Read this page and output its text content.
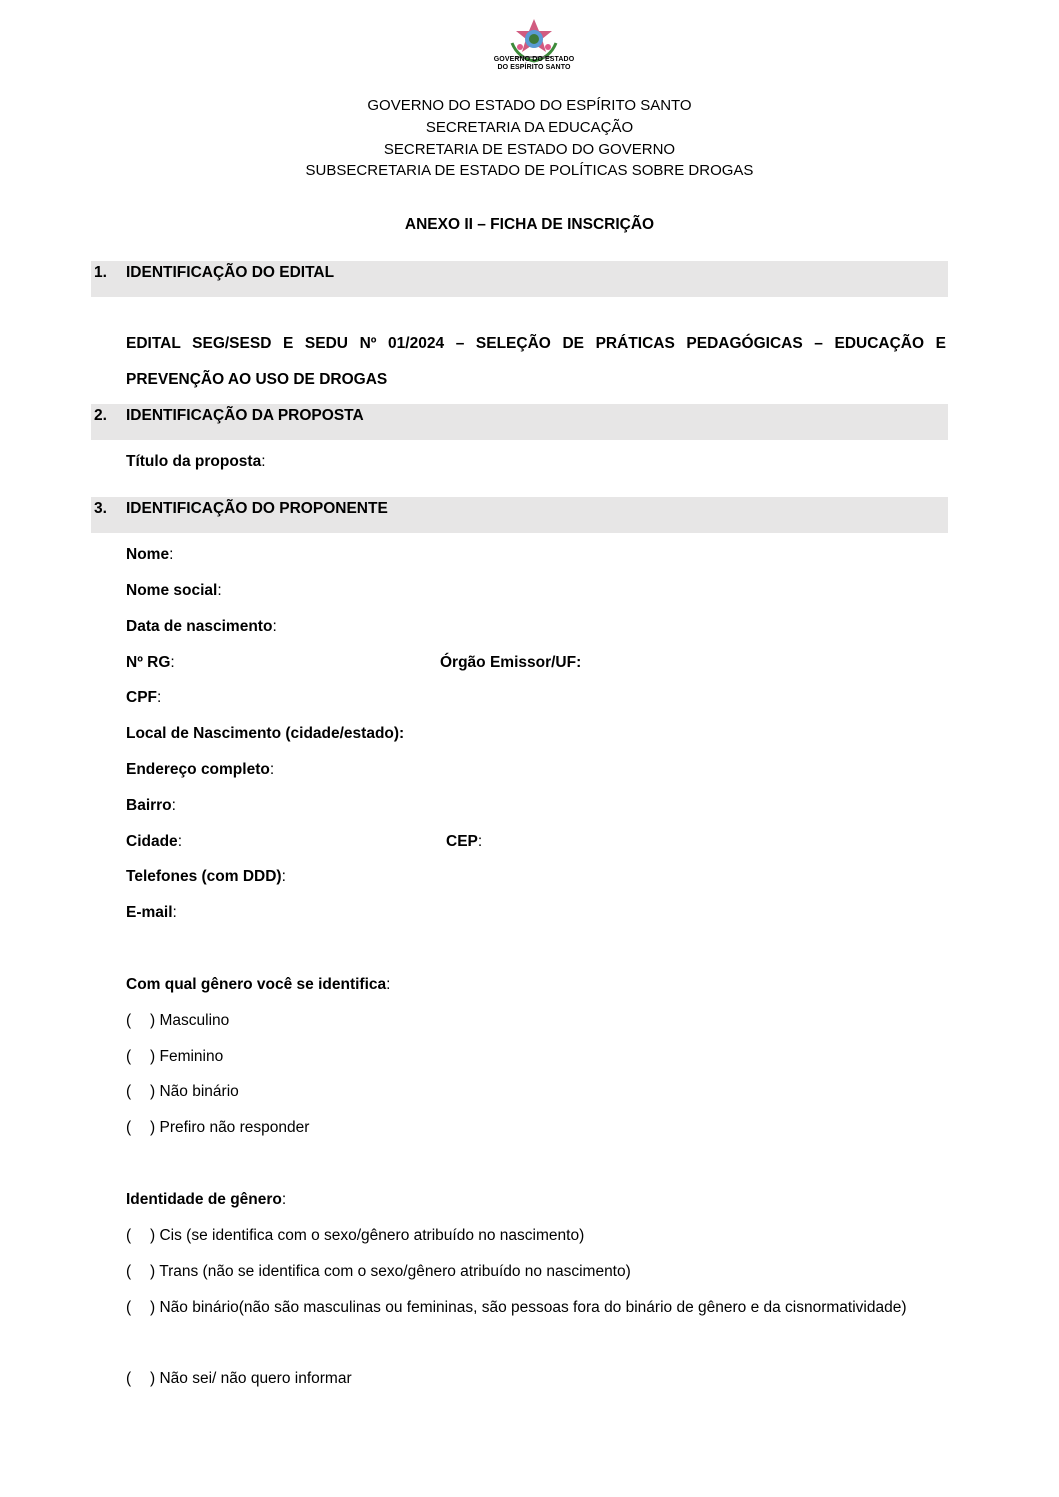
GOVERNO DO ESTADO
DO ESPÍRITO SANTO
GOVERNO DO ESTADO DO ESPÍRITO SANTO
SECRETARIA DA EDUCAÇÃO
SECRETARIA DE ESTADO DO GOVERNO
SUBSECRETARIA DE ESTADO DE POLÍTICAS SOBRE DROGAS
ANEXO II – FICHA DE INSCRIÇÃO
1. IDENTIFICAÇÃO DO EDITAL
EDITAL SEG/SESD E SEDU Nº 01/2024 – SELEÇÃO DE PRÁTICAS PEDAGÓGICAS – EDUCAÇÃO E
PREVENÇÃO AO USO DE DROGAS
2. IDENTIFICAÇÃO DA PROPOSTA
Título da proposta:
3. IDENTIFICAÇÃO DO PROPONENTE
Nome:
Nome social:
Data de nascimento:
Nº RG:	Órgão Emissor/UF:
CPF:
Local de Nascimento (cidade/estado):
Endereço completo:
Bairro:
Cidade:	CEP:
Telefones (com DDD):
E-mail:
Com qual gênero você se identifica:
( ) Masculino
( ) Feminino
( ) Não binário
( ) Prefiro não responder
Identidade de gênero:
( ) Cis (se identifica com o sexo/gênero atribuído no nascimento)
( ) Trans (não se identifica com o sexo/gênero atribuído no nascimento)
( ) Não binário(não são masculinas ou femininas, são pessoas fora do binário de gênero e da cisnormatividade)
( ) Não sei/ não quero informar
